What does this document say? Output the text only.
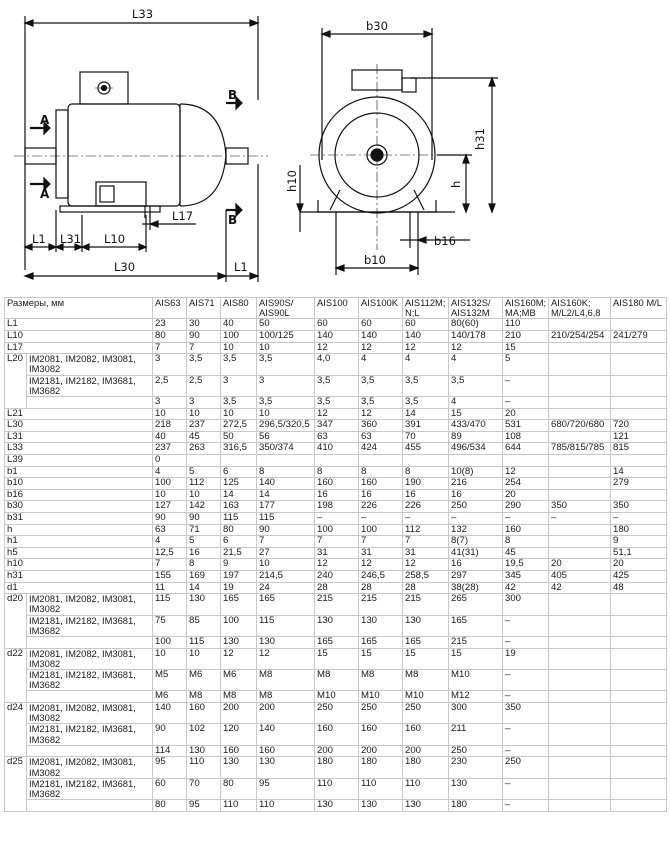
L33
b30
h31
h10	h
L17
L1 L31 L10
L30	L1
b16
b10
A
A
B
B
Размеры, мм		AIS63	AIS71	AIS80	AIS90S/ AIS90L	AIS100	AIS100K	AIS112M; N;L	AIS132S/ AIS132M	AIS160M; MA;MB	AIS160K; M/L2/L4,6,8	AIS180 M/L
L1		23	30	40	50	60	60	60	80(60)	110		
L10		80	90	100	100/125	140	140	140	140/178	210	210/254/254	241/279
L17		7	7	10	10	12	12	12	12	15		
L20	IM2081, IM2082, IM3081, IM3082	3	3,5	3,5	3,5	4,0	4	4	4	5		
	IM2181, IM2182, IM3681, IM3682	2,5	2,5	3	3	3,5	3,5	3,5	3,5	–		
		3	3	3,5	3,5	3,5	3,5	3,5	4	–		
L21		10	10	10	10	12	12	14	15	20		
L30		218	237	272,5	296,5/320,5	347	360	391	433/470	531	680/720/680	720
L31		40	45	50	56	63	63	70	89	108		121
L33		237	263	316,5	350/374	410	424	455	496/534	644	785/815/785	815
L39		0										
b1		4	5	6	8	8	8	8	10(8)	12		14
b10		100	112	125	140	160	160	190	216	254		279
b16		10	10	14	14	16	16	16	16	20		
b30		127	142	163	177	198	226	226	250	290	350	350
b31		90	90	115	115	–	–	–	–	–	–	–
h		63	71	80	90	100	100	112	132	160		180
h1		4	5	6	7	7	7	7	8(7)	8		9
h5		12,5	16	21,5	27	31	31	31	41(31)	45		51,1
h10		7	8	9	10	12	12	12	16	19,5	20	20
h31		155	169	197	214,5	240	246,5	258,5	297	345	405	425
d1		11	14	19	24	28	28	28	38(28)	42	42	48
d20	IM2081, IM2082, IM3081, IM3082	115	130	165	165	215	215	215	265	300		
	IM2181, IM2182, IM3681, IM3682	75	85	100	115	130	130	130	165	–		
		100	115	130	130	165	165	165	215	–		
d22	IM2081, IM2082, IM3081, IM3082	10	10	12	12	15	15	15	15	19		
	IM2181, IM2182, IM3681, IM3682	M5	M6	M6	M8	M8	M8	M8	M10	–		
		M6	M8	M8	M8	M10	M10	M10	M12	–		
d24	IM2081, IM2082, IM3081, IM3082	140	160	200	200	250	250	250	300	350		
	IM2181, IM2182, IM3681, IM3682	90	102	120	140	160	160	160	211	–		
		114	130	160	160	200	200	200	250	–		
d25	IM2081, IM2082, IM3081, IM3082	95	110	130	130	180	180	180	230	250		
	IM2181, IM2182, IM3681, IM3682	60	70	80	95	110	110	110	130	–		
		80	95	110	110	130	130	130	180	–		
